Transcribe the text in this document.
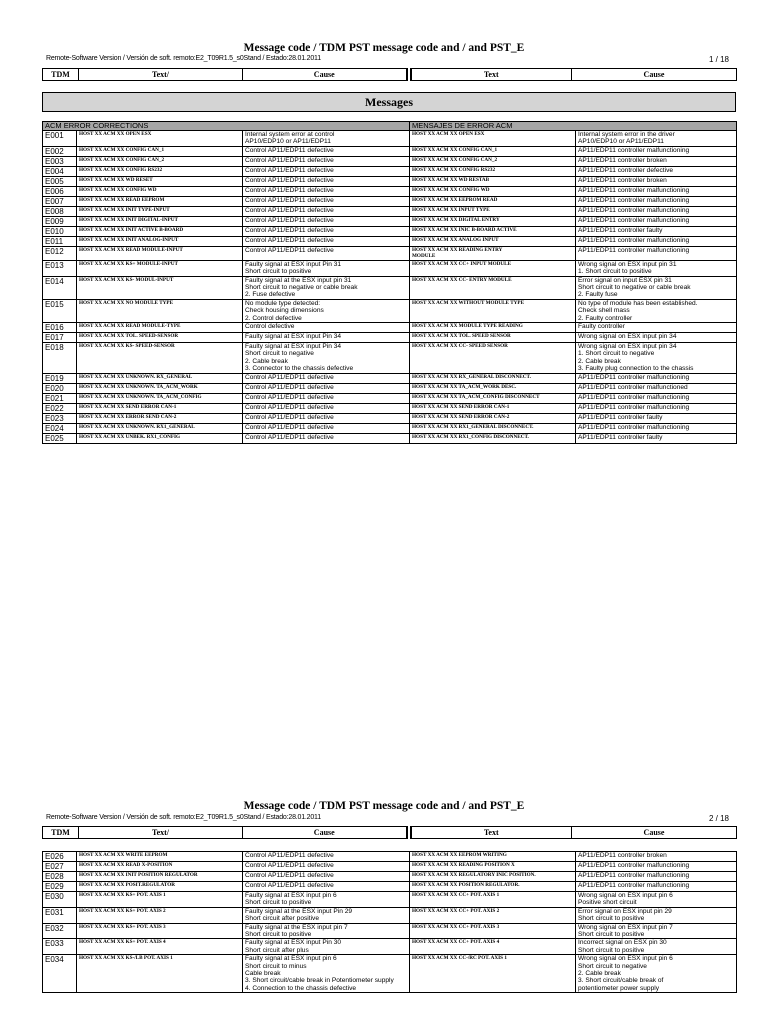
Message code / TDM PST message code and / and PST_E
Remote-Software Version / Versión de soft. remoto:E2_T09R1.5_s0Stand / Estado:28.01.2011	1 / 18
TDM	Text/	Cause		Text	Cause
Messages
ACM ERROR CORRECTIONS			MENSAJES DE ERROR ACM	
E001	HOST XX ACM XX OPEN ESX	Internal system error at control
AP10/EDP10 or AP11/EDP11	HOST XX ACM XX OPEN ESX	Internal system error in the driver
AP10/EDP10 or AP11/EDP11
E002	HOST XX ACM XX CONFIG CAN_1	Control AP11/EDP11 defective	HOST XX ACM XX CONFIG CAN_1	AP11/EDP11 controller malfunctioning
E003	HOST XX ACM XX CONFIG CAN_2	Control AP11/EDP11 defective	HOST XX ACM XX CONFIG CAN_2	AP11/EDP11 controller broken
E004	HOST XX ACM XX CONFIG RS232	Control AP11/EDP11 defective	HOST XX ACM XX CONFIG RS232	AP11/EDP11 controller defective
E005	HOST XX ACM XX WD RESET	Control AP11/EDP11 defective	HOST XX ACM XX WD RESTAB	AP11/EDP11 controller broken
E006	HOST XX ACM XX CONFIG WD	Control AP11/EDP11 defective	HOST XX ACM XX CONFIG WD	AP11/EDP11 controller malfunctioning
E007	HOST XX ACM XX READ EEPROM	Control AP11/EDP11 defective	HOST XX ACM XX EEPROM READ	AP11/EDP11 controller malfunctioning
E008	HOST XX ACM XX INIT TYPE-INPUT	Control AP11/EDP11 defective	HOST XX ACM XX INPUT TYPE	AP11/EDP11 controller malfunctioning
E009	HOST XX ACM XX INIT DIGITAL-INPUT	Control AP11/EDP11 defective	HOST XX ACM XX DIGITAL ENTRY	AP11/EDP11 controller malfunctioning
E010	HOST XX ACM XX INIT ACTIVE B-BOARD	Control AP11/EDP11 defective	HOST XX ACM XX INIC B-BOARD ACTIVE	AP11/EDP11 controller faulty
E011	HOST XX ACM XX INIT ANALOG-INPUT	Control AP11/EDP11 defective	HOST XX ACM XX ANALOG INPUT	AP11/EDP11 controller malfunctioning
E012	HOST XX ACM XX READ MODULE-INPUT	Control AP11/EDP11 defective	HOST XX ACM XX READING ENTRY
MODULE	AP11/EDP11 controller malfunctioning
E013	HOST XX ACM XX KS+ MODULE-INPUT	Faulty signal at ESX input Pin 31
Short circuit to positive	HOST XX ACM XX CC+ INPUT MODULE	Wrong signal on ESX input pin 31
1. Short circuit to positive
E014	HOST XX ACM XX KS- MODUL-INPUT	Faulty signal at the ESX input pin 31
Short circuit to negative or cable break
2. Fuse defective	HOST XX ACM XX CC- ENTRY MODULE	Error signal on input ESX pin 31
Short circuit to negative or cable break
2. Faulty fuse
E015	HOST XX ACM XX NO MODULE TYPE	No module type detected:
Check housing dimensions
2. Control defective	HOST XX ACM XX WITHOUT MODULE TYPE	No type of module has been established.
Check shell mass
2. Faulty controller
E016	HOST XX ACM XX READ MODULE-TYPE	Control defective	HOST XX ACM XX MODULE TYPE READING	Faulty controller
E017	HOST XX ACM XX TOL. SPEED-SENSOR	Faulty signal at ESX input Pin 34	HOST XX ACM XX TOL. SPEED SENSOR	Wrong signal on ESX input pin 34
E018	HOST XX ACM XX KS- SPEED-SENSOR	Faulty signal at ESX input Pin 34
Short circuit to negative
2. Cable break
3. Connector to the chassis defective	HOST XX ACM XX CC- SPEED SENSOR	Wrong signal on ESX input pin 34
1. Short circuit to negative
2. Cable break
3. Faulty plug connection to the chassis
E019	HOST XX ACM XX UNKNOWN. RX_GENERAL	Control AP11/EDP11 defective	HOST XX ACM XX RX_GENERAL DISCONNECT.	AP11/EDP11 controller malfunctioning
E020	HOST XX ACM XX UNKNOWN. TA_ACM_WORK	Control AP11/EDP11 defective	HOST XX ACM XX TA_ACM_WORK DESC.	AP11/EDP11 controller malfunctioned
E021	HOST XX ACM XX UNKNOWN. TA_ACM_CONFIG	Control AP11/EDP11 defective	HOST XX ACM XX TA_ACM_CONFIG DISCONNECT	AP11/EDP11 controller malfunctioning
E022	HOST XX ACM XX SEND ERROR CAN-1	Control AP11/EDP11 defective	HOST XX ACM XX SEND ERROR CAN-1	AP11/EDP11 controller malfunctioning
E023	HOST XX ACM XX ERROR SEND CAN-2	Control AP11/EDP11 defective	HOST XX ACM XX SEND ERROR CAN-2	AP11/EDP11 controller faulty
E024	HOST XX ACM XX UNKNOWN. RX1_GENERAL	Control AP11/EDP11 defective	HOST XX ACM XX RX1_GENERAL DISCONNECT.	AP11/EDP11 controller malfunctioning
E025	HOST XX ACM XX UNBEK. RX1_CONFIG	Control AP11/EDP11 defective	HOST XX ACM XX RX1_CONFIG DISCONNECT.	AP11/EDP11 controller faulty
Message code / TDM PST message code and / and PST_E
Remote-Software Version / Versión de soft. remoto:E2_T09R1.5_s0Stand / Estado:28.01.2011	2 / 18
TDM	Text/	Cause		Text	Cause
E026	HOST XX ACM XX WRITE EEPROM	Control AP11/EDP11 defective	HOST XX ACM XX EEPROM WRITING	AP11/EDP11 controller broken
E027	HOST XX ACM XX READ X-POSITION	Control AP11/EDP11 defective	HOST XX ACM XX READING POSITION X	AP11/EDP11 controller malfunctioning
E028	HOST XX ACM XX INIT POSITION REGULATOR	Control AP11/EDP11 defective	HOST XX ACM XX REGULATORY INIC POSITION.	AP11/EDP11 controller malfunctioning
E029	HOST XX ACM XX POSIT.REGULATOR	Control AP11/EDP11 defective	HOST XX ACM XX POSITION REGULATOR.	AP11/EDP11 controller malfunctioning
E030	HOST XX ACM XX KS+ POT. AXIS 1	Faulty signal at ESX input pin 6
Short circuit to positive	HOST XX ACM XX CC+ POT. AXIS 1	Wrong signal on ESX input pin 6
Positive short circuit
E031	HOST XX ACM XX KS+ POT. AXIS 2	Faulty signal at the ESX input Pin 29
Short circuit after positive	HOST XX ACM XX CC+ POT. AXIS 2	Error signal on ESX input pin 29
Short circuit to positive
E032	HOST XX ACM XX KS+ POT. AXIS 3	Faulty signal at the ESX input pin 7
Short circuit to positive	HOST XX ACM XX CC+ POT. AXIS 3	Wrong signal on ESX input pin 7
Short circuit to positive
E033	HOST XX ACM XX KS+ POT. AXIS 4	Faulty signal at ESX input Pin 30
Short circuit after plus	HOST XX ACM XX CC+ POT. AXIS 4	Incorrect signal on ESX pin 30
Short circuit to positive
E034	HOST XX ACM XX KS-/LB POT. AXIS 1	Faulty signal at ESX input pin 6
Short circuit to minus
Cable break
3. Short circuit/cable break in Potentiometer supply
4. Connection to the chassis defective	HOST XX ACM XX CC-/RC POT. AXIS 1	Wrong signal on ESX input pin 6
Short circuit to negative
2. Cable break
3. Short circuit/cable break of
potentiometer power supply
